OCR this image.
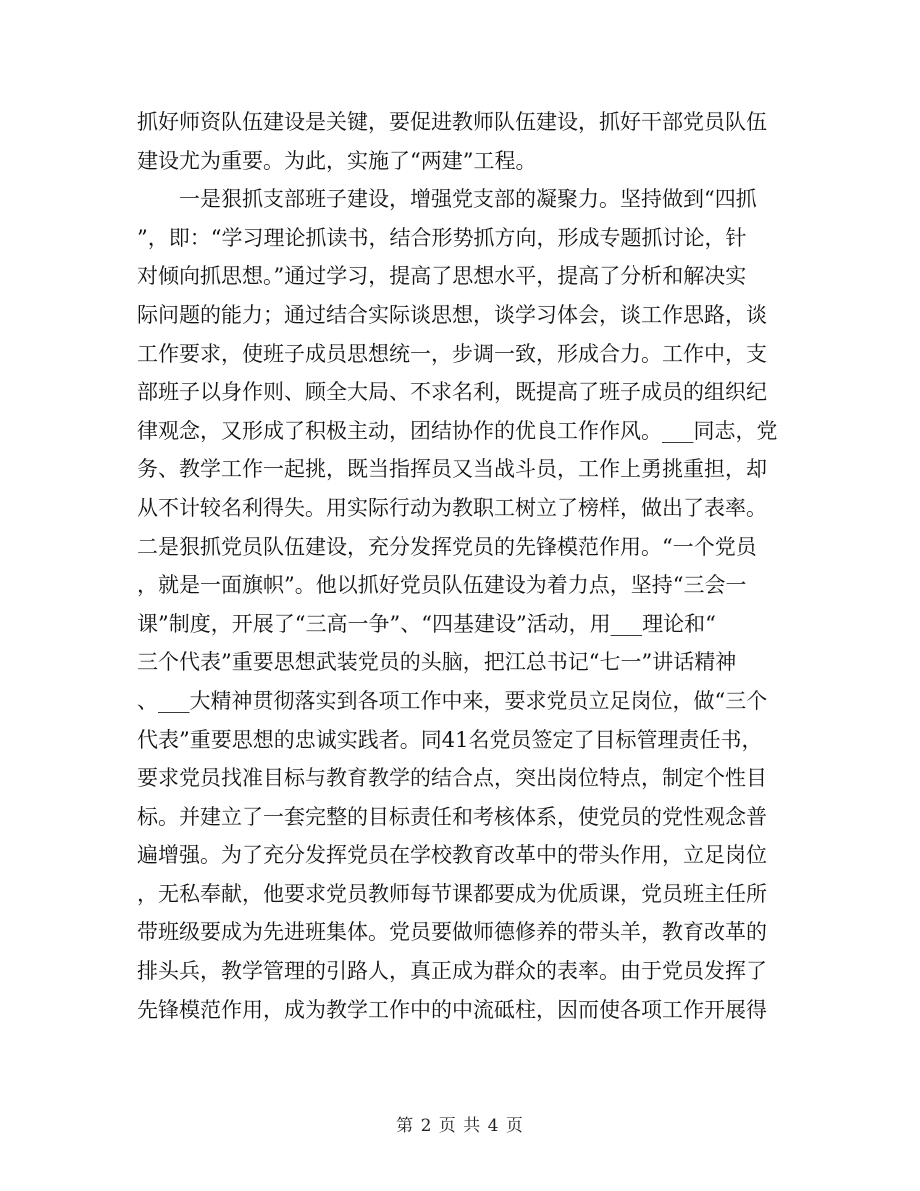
抓好师资队伍建设是关键，要促进教师队伍建设，抓好干部党员队伍
建设尤为重要。为此，实施了“两建”工程。
一是狠抓支部班子建设，增强党支部的凝聚力。坚持做到“四抓
”，即：“学习理论抓读书，结合形势抓方向，形成专题抓讨论，针
对倾向抓思想。”通过学习，提高了思想水平，提高了分析和解决实
际问题的能力；通过结合实际谈思想，谈学习体会，谈工作思路，谈
工作要求，使班子成员思想统一，步调一致，形成合力。工作中，支
部班子以身作则、顾全大局、不求名利，既提高了班子成员的组织纪
律观念，又形成了积极主动，团结协作的优良工作作风。___同志，党
务、教学工作一起挑，既当指挥员又当战斗员，工作上勇挑重担，却
从不计较名利得失。用实际行动为教职工树立了榜样，做出了表率。
二是狠抓党员队伍建设，充分发挥党员的先锋模范作用。“一个党员
，就是一面旗帜”。他以抓好党员队伍建设为着力点，坚持“三会一
课”制度，开展了“三高一争”、“四基建设”活动，用___理论和“
三个代表”重要思想武装党员的头脑，把江总书记“七一”讲话精神
、___大精神贯彻落实到各项工作中来，要求党员立足岗位，做“三个
代表”重要思想的忠诚实践者。同41名党员签定了目标管理责任书，
要求党员找准目标与教育教学的结合点，突出岗位特点，制定个性目
标。并建立了一套完整的目标责任和考核体系，使党员的党性观念普
遍增强。为了充分发挥党员在学校教育改革中的带头作用，立足岗位
，无私奉献，他要求党员教师每节课都要成为优质课，党员班主任所
带班级要成为先进班集体。党员要做师德修养的带头羊，教育改革的
排头兵，教学管理的引路人，真正成为群众的表率。由于党员发挥了
先锋模范作用，成为教学工作中的中流砥柱，因而使各项工作开展得
第 2 页 共 4 页
